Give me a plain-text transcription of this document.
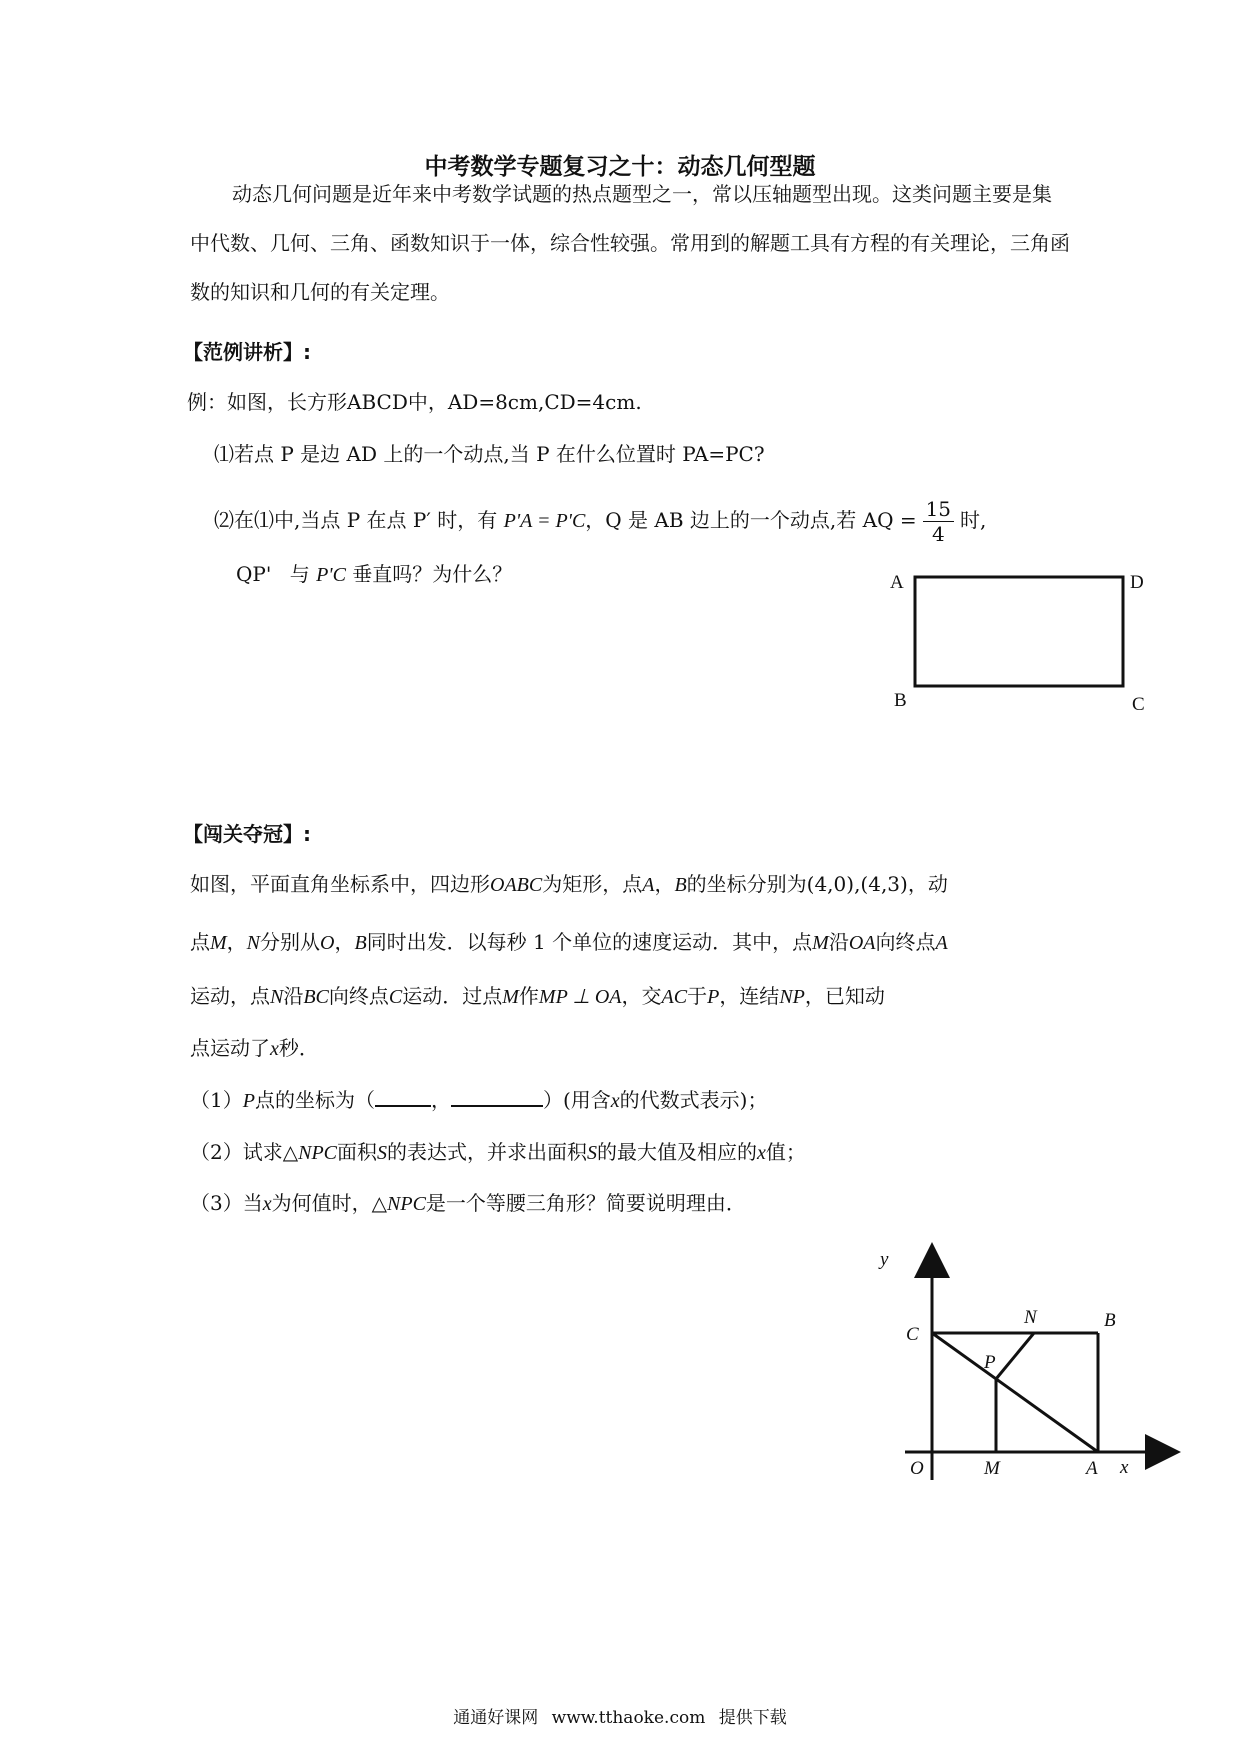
中考数学专题复习之十：动态几何型题
动态几何问题是近年来中考数学试题的热点题型之一，常以压轴题型出现。这类问题主要是集中代数、几何、三角、函数知识于一体，综合性较强。常用到的解题工具有方程的有关理论，三角函数的知识和几何的有关定理。
【范例讲析】:
例：如图，长方形ABCD中，AD=8cm,CD=4cm.
⑴若点 P 是边 AD 上的一个动点,当 P 在什么位置时 PA=PC?
⑵在⑴中,当点 P 在点 P′ 时，有 P'A = P'C，Q 是 AB 边上的一个动点,若 AQ = $\frac{15}{4}$ 时,
QP' 与 P'C 垂直吗？为什么？	A	D
B	C
【闯关夺冠】:
如图，平面直角坐标系中，四边形OABC为矩形，点A，B的坐标分别为(4,0),(4,3)，动
点M，N分别从O，B同时出发．以每秒 1 个单位的速度运动．其中，点M沿OA向终点A
运动，点N沿BC向终点C运动．过点M作MP ⊥ OA，交AC于P，连结NP，已知动
点运动了x秒．
（1）P点的坐标为（	，	）(用含x的代数式表示)；
（2）试求△NPC面积S的表达式，并求出面积S的最大值及相应的x值；
（3）当x为何值时，△NPC是一个等腰三角形？简要说明理由．
y
x
O	M	A
C
B
N
P
通通好课网 www.tthaoke.com 提供下载
